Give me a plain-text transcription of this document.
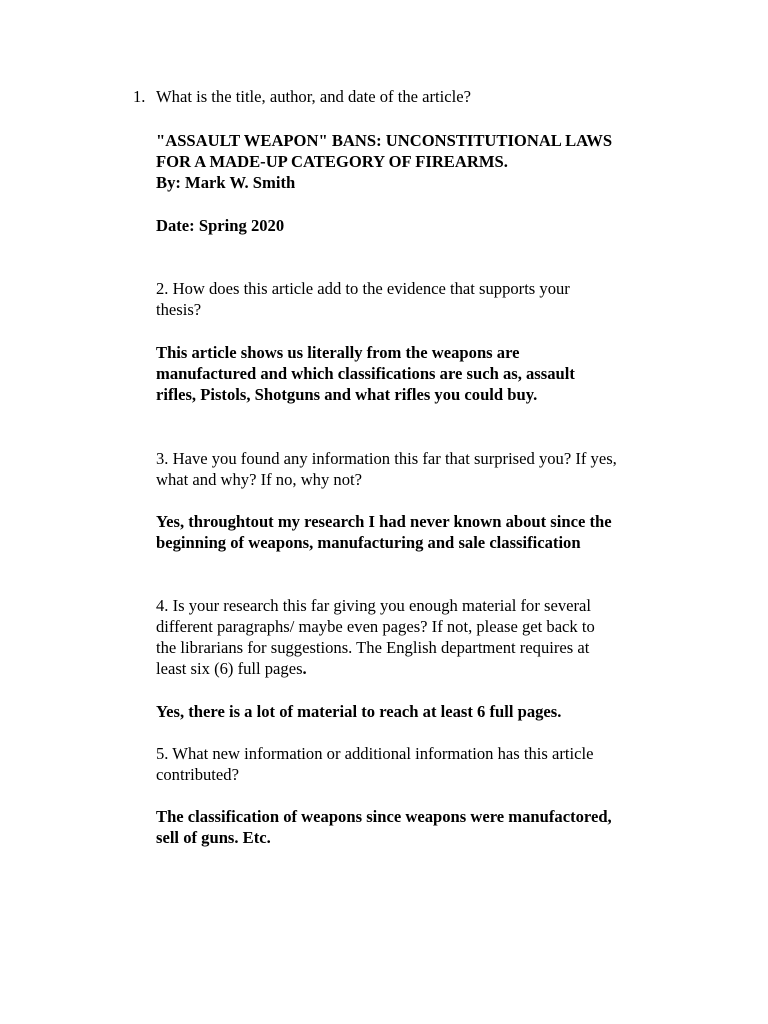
1. What is the title, author, and date of the article?

"ASSAULT WEAPON" BANS: UNCONSTITUTIONAL LAWS
FOR A MADE-UP CATEGORY OF FIREARMS.
By: Mark W. Smith

Date: Spring 2020

2. How does this article add to the evidence that supports your
thesis?

This article shows us literally from the weapons are
manufactured and which classifications are such as, assault
rifles, Pistols, Shotguns and what rifles you could buy.

3. Have you found any information this far that surprised you? If yes,
what and why? If no, why not?

Yes, throughtout my research I had never known about since the
beginning of weapons, manufacturing and sale classification

4. Is your research this far giving you enough material for several
different paragraphs/ maybe even pages? If not, please get back to
the librarians for suggestions. The English department requires at
least six (6) full pages.

Yes, there is a lot of material to reach at least 6 full pages.

5. What new information or additional information has this article
contributed?

The classification of weapons since weapons were manufactored,
sell of guns. Etc.
